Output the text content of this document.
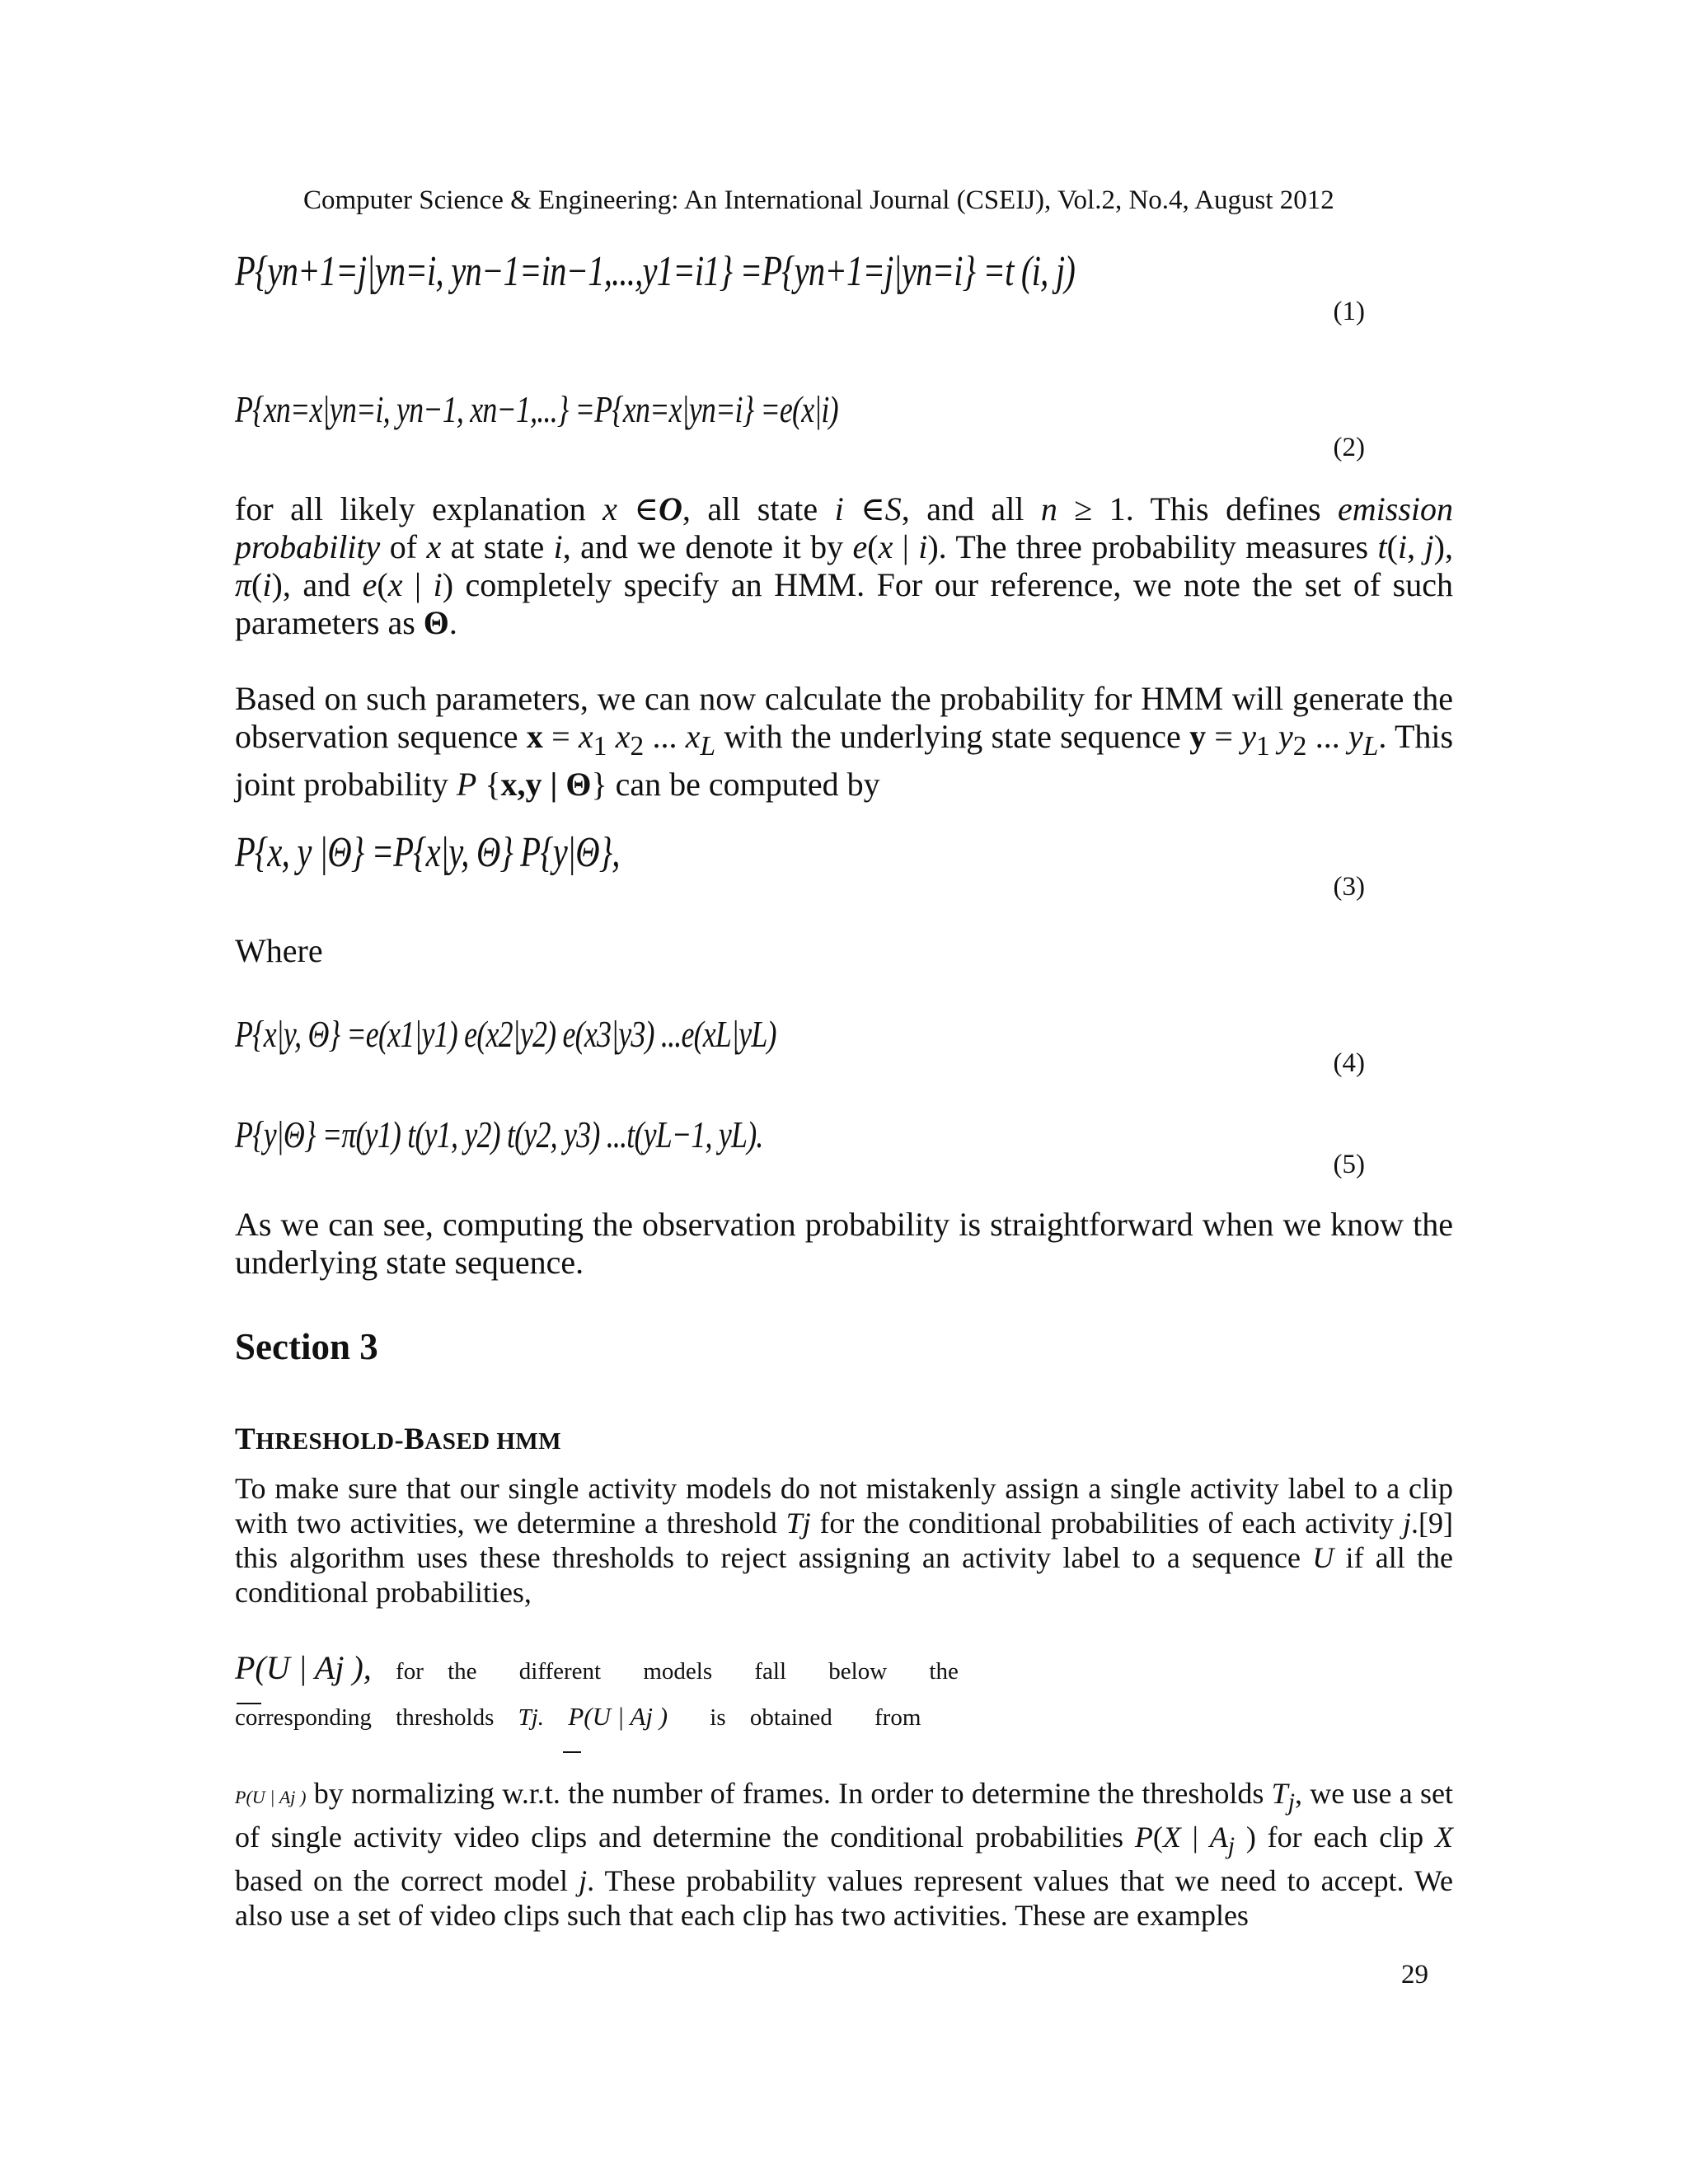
Computer Science & Engineering: An International Journal (CSEIJ), Vol.2, No.4, August 2012
P{yn+1=j|yn=i, yn−1=in−1,...,y1=i1} =P{yn+1=j|yn=i} =t (i, j)
(1)
P{xn=x|yn=i, yn−1, xn−1,...} =P{xn=x|yn=i} =e(x|i)
(2)
for all likely explanation x ∈O, all state i ∈S, and all n ≥ 1. This defines emission probability of x at state i, and we denote it by e(x | i). The three probability measures t(i, j), π(i), and e(x | i) completely specify an HMM. For our reference, we note the set of such parameters as Θ.
Based on such parameters, we can now calculate the probability for HMM will generate the observation sequence $x = x_1$ $x_2$ ... $x_L$ with the underlying state sequence $y = y_1$ $y_2$ ... $y_L$. This joint probability P {x,y | Θ} can be computed by
P{x, y |Θ} =P{x|y, Θ} P{y|Θ},
(3)
Where
P{x|y, Θ} =e(x1|y1) e(x2|y2) e(x3|y3) ...e(xL|yL)
(4)
P{y|Θ} =π(y1) t(y1, y2) t(y2, y3) ...t(yL−1, yL).
(5)
As we can see, computing the observation probability is straightforward when we know the underlying state sequence.
Section 3
THRESHOLD-BASED HMM
To make sure that our single activity models do not mistakenly assign a single activity label to a clip with two activities, we determine a threshold Tj for the conditional probabilities of each activity j.[9] this algorithm uses these thresholds to reject assigning an activity label to a sequence U if all the conditional probabilities,
P(U | Aj ), for the different models fall below the
corresponding thresholds Tj. P(U | Aj ) is obtained from
P(U | Aj ) by normalizing w.r.t. the number of frames. In order to determine the thresholds $T_j$, we use a set of single activity video clips and determine the conditional probabilities P(X | $A_j$ ) for each clip X based on the correct model j. These probability values represent values that we need to accept. We also use a set of video clips such that each clip has two activities. These are examples
29
